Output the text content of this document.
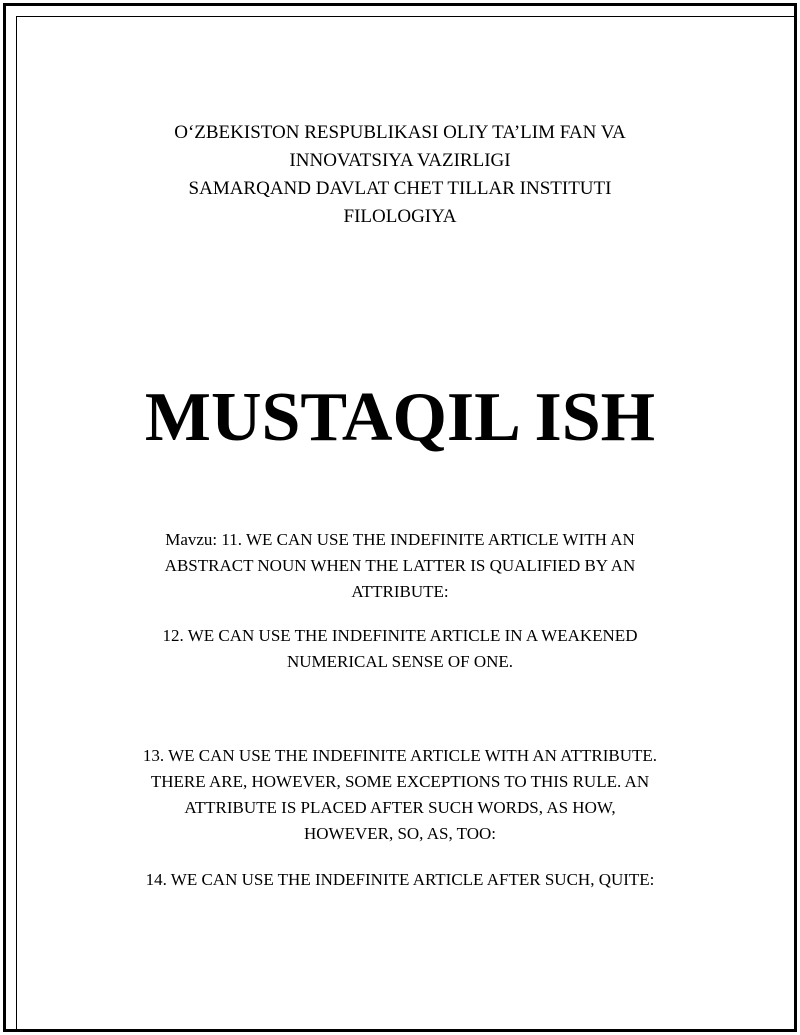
O‘ZBEKISTON RESPUBLIKASI OLIY TA’LIM FAN VA
INNOVATSIYA VAZIRLIGI
SAMARQAND DAVLAT CHET TILLAR INSTITUTI
FILOLOGIYA
MUSTAQIL ISH
Mavzu: 11. WE CAN USE THE INDEFINITE ARTICLE WITH AN
ABSTRACT NOUN WHEN THE LATTER IS QUALIFIED BY AN
ATTRIBUTE:
12. WE CAN USE THE INDEFINITE ARTICLE IN A WEAKENED
NUMERICAL SENSE OF ONE.
13. WE CAN USE THE INDEFINITE ARTICLE WITH AN ATTRIBUTE.
THERE ARE, HOWEVER, SOME EXCEPTIONS TO THIS RULE. AN
ATTRIBUTE IS PLACED AFTER SUCH WORDS, AS HOW,
HOWEVER, SO, AS, TOO:
14. WE CAN USE THE INDEFINITE ARTICLE AFTER SUCH, QUITE:
